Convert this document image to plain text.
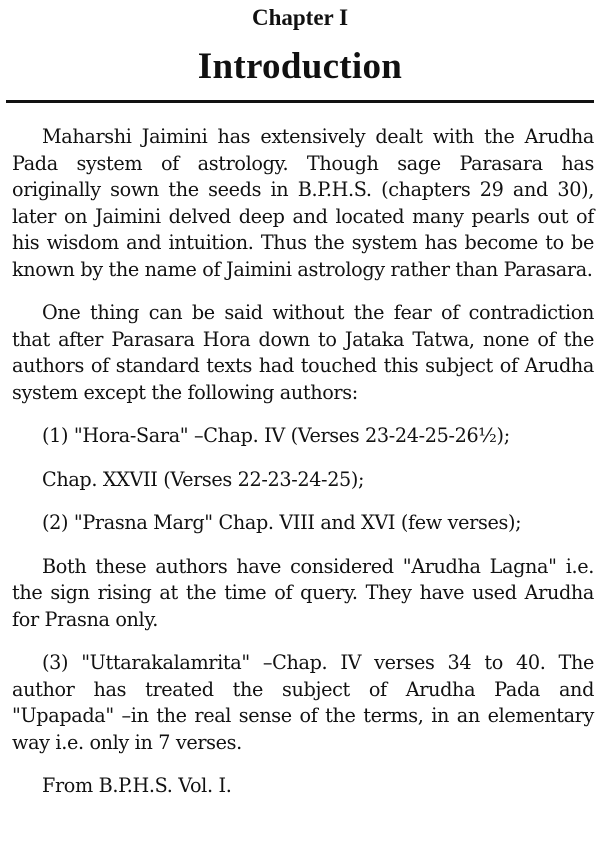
Chapter I
Introduction

Maharshi Jaimini has extensively dealt with the Arudha Pada system of astrology. Though sage Parasara has originally sown the seeds in B.P.H.S. (chapters 29 and 30), later on Jaimini delved deep and located many pearls out of his wisdom and intuition. Thus the system has become to be known by the name of Jaimini astrology rather than Parasara.

One thing can be said without the fear of contradiction that after Parasara Hora down to Jataka Tatwa, none of the authors of standard texts had touched this subject of Arudha system except the following authors:

(1) "Hora-Sara" –Chap. IV (Verses 23-24-25-26½);

Chap. XXVII (Verses 22-23-24-25);

(2) "Prasna Marg" Chap. VIII and XVI (few verses);

Both these authors have considered "Arudha Lagna" i.e. the sign rising at the time of query. They have used Arudha for Prasna only.

(3) "Uttarakalamrita" –Chap. IV verses 34 to 40. The author has treated the subject of Arudha Pada and "Upapada" –in the real sense of the terms, in an elementary way i.e. only in 7 verses.

From B.P.H.S. Vol. I.
